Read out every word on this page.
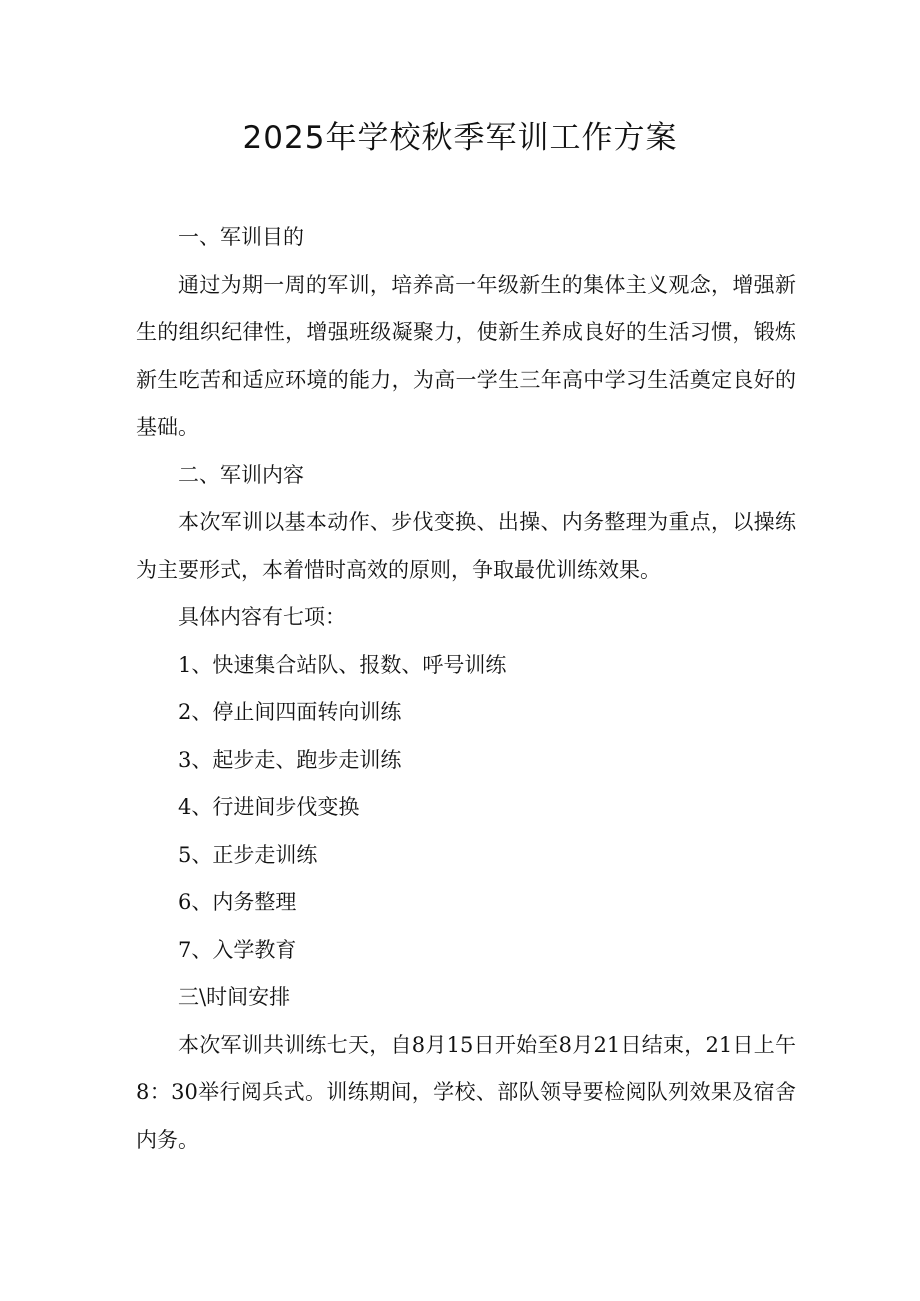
2025年学校秋季军训工作方案

一、军训目的

通过为期一周的军训，培养高一年级新生的集体主义观念，增强新生的组织纪律性，增强班级凝聚力，使新生养成良好的生活习惯，锻炼新生吃苦和适应环境的能力，为高一学生三年高中学习生活奠定良好的基础。

二、军训内容

本次军训以基本动作、步伐变换、出操、内务整理为重点，以操练为主要形式，本着惜时高效的原则，争取最优训练效果。

具体内容有七项：

1、快速集合站队、报数、呼号训练

2、停止间四面转向训练

3、起步走、跑步走训练

4、行进间步伐变换

5、正步走训练

6、内务整理

7、入学教育

三\时间安排

本次军训共训练七天，自8月15日开始至8月21日结束，21日上午8：30举行阅兵式。训练期间，学校、部队领导要检阅队列效果及宿舍内务。
